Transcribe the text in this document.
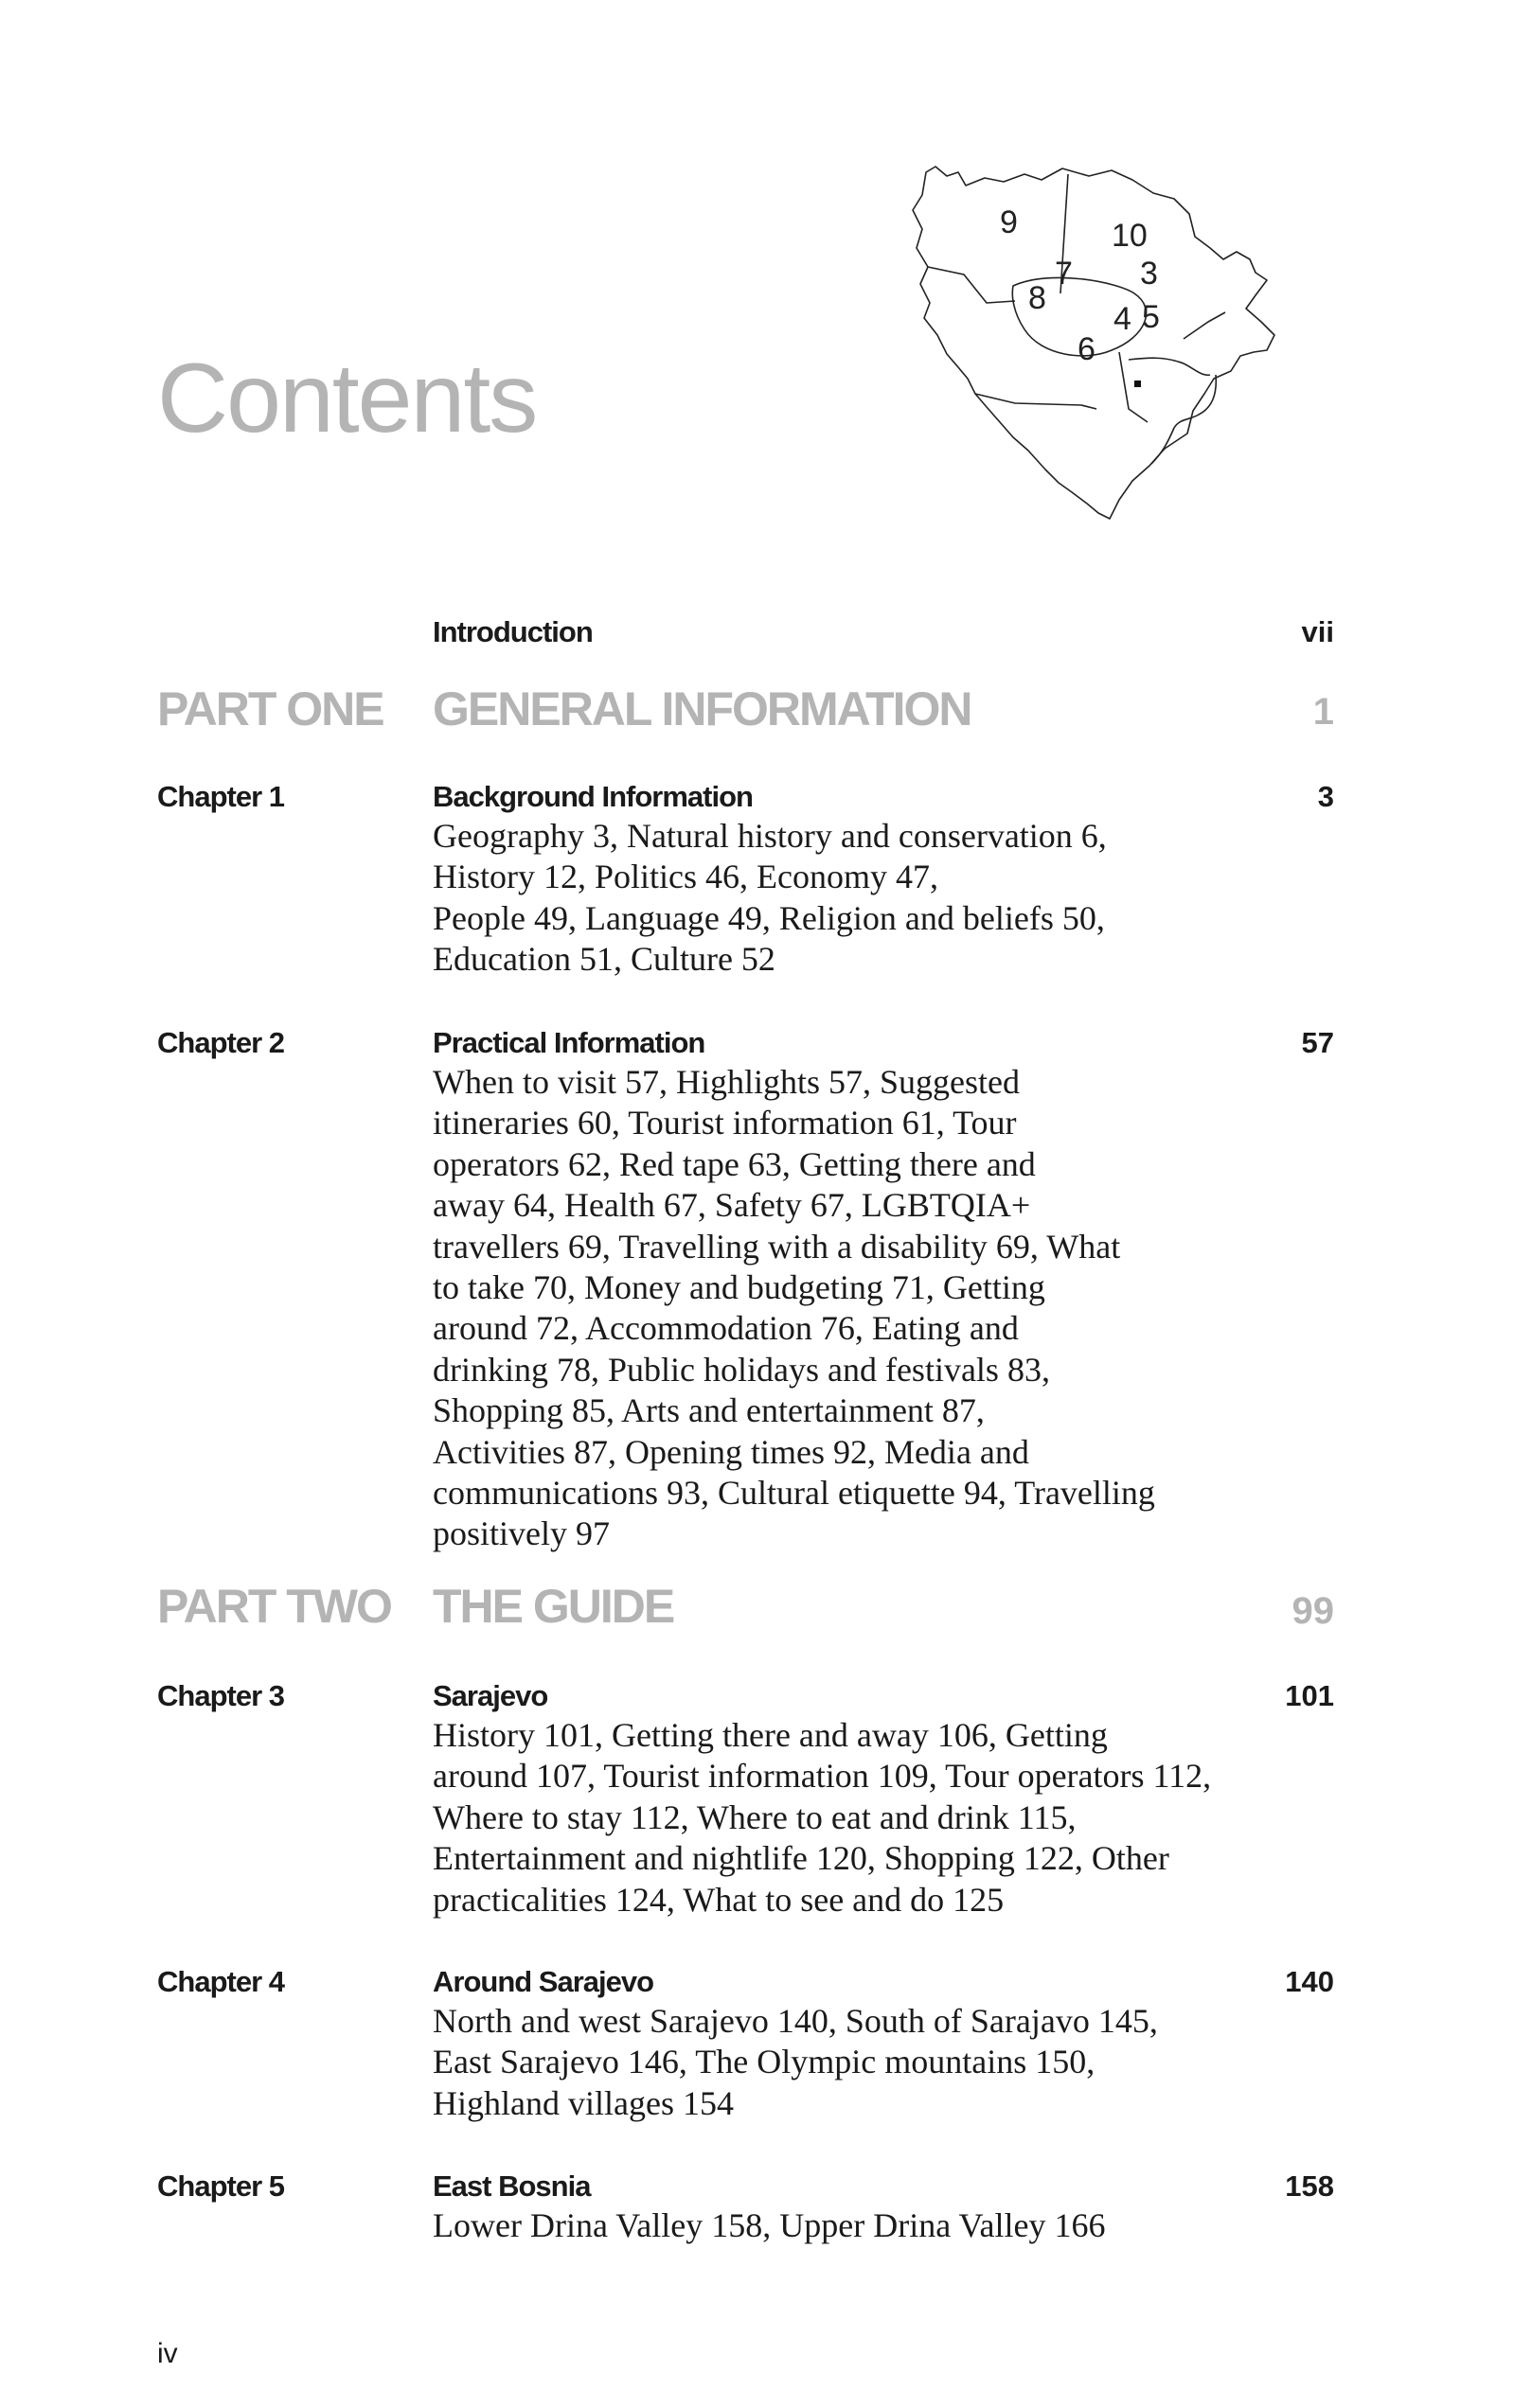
Contents
9	10
7 3
8
4 5
6
Introduction	vii
PART ONE GENERAL INFORMATION	1
Chapter 1	Background Information	3
Geography 3, Natural history and conservation 6,
History 12, Politics 46, Economy 47,
People 49, Language 49, Religion and beliefs 50,
Education 51, Culture 52
Chapter 2	Practical Information	57
When to visit 57, Highlights 57, Suggested
itineraries 60, Tourist information 61, Tour
operators 62, Red tape 63, Getting there and
away 64, Health 67, Safety 67, LGBTQIA+
travellers 69, Travelling with a disability 69, What
to take 70, Money and budgeting 71, Getting
around 72, Accommodation 76, Eating and
drinking 78, Public holidays and festivals 83,
Shopping 85, Arts and entertainment 87,
Activities 87, Opening times 92, Media and
communications 93, Cultural etiquette 94, Travelling
positively 97
PART TWO THE GUIDE	99
Chapter 3	Sarajevo	101
History 101, Getting there and away 106, Getting
around 107, Tourist information 109, Tour operators 112,
Where to stay 112, Where to eat and drink 115,
Entertainment and nightlife 120, Shopping 122, Other
practicalities 124, What to see and do 125
Chapter 4	Around Sarajevo	140
North and west Sarajevo 140, South of Sarajavo 145,
East Sarajevo 146, The Olympic mountains 150,
Highland villages 154
Chapter 5	East Bosnia	158
Lower Drina Valley 158, Upper Drina Valley 166
iv
